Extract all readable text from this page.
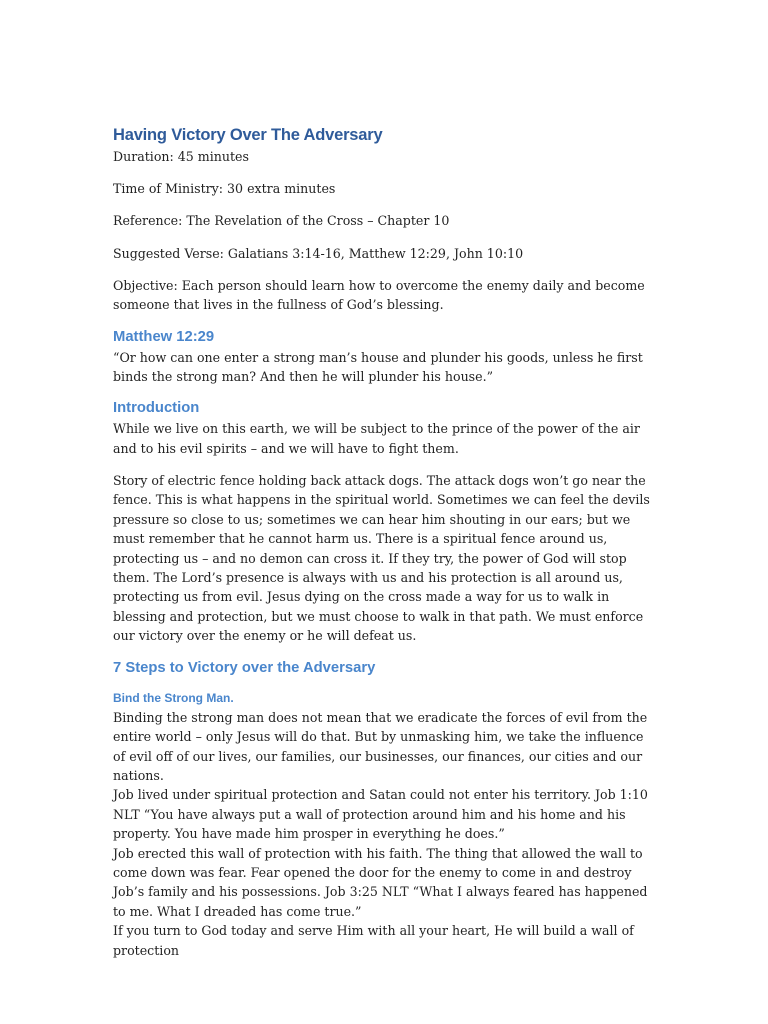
Having Victory Over The Adversary

Duration: 45 minutes

Time of Ministry: 30 extra minutes

Reference: The Revelation of the Cross – Chapter 10

Suggested Verse: Galatians 3:14-16, Matthew 12:29, John 10:10

Objective: Each person should learn how to overcome the enemy daily and become someone that lives in the fullness of God’s blessing.

Matthew 12:29

“Or how can one enter a strong man’s house and plunder his goods, unless he first binds the strong man? And then he will plunder his house.”

Introduction

While we live on this earth, we will be subject to the prince of the power of the air and to his evil spirits – and we will have to fight them.

Story of electric fence holding back attack dogs. The attack dogs won’t go near the fence. This is what happens in the spiritual world. Sometimes we can feel the devils pressure so close to us; sometimes we can hear him shouting in our ears; but we must remember that he cannot harm us. There is a spiritual fence around us, protecting us – and no demon can cross it. If they try, the power of God will stop them. The Lord’s presence is always with us and his protection is all around us, protecting us from evil. Jesus dying on the cross made a way for us to walk in blessing and protection, but we must choose to walk in that path. We must enforce our victory over the enemy or he will defeat us.

7 Steps to Victory over the Adversary
Bind the Strong Man.

Binding the strong man does not mean that we eradicate the forces of evil from the entire world – only Jesus will do that. But by unmasking him, we take the influence of evil off of our lives, our families, our businesses, our finances, our cities and our nations.

Job lived under spiritual protection and Satan could not enter his territory. Job 1:10 NLT “You have always put a wall of protection around him and his home and his property. You have made him prosper in everything he does.”

Job erected this wall of protection with his faith. The thing that allowed the wall to come down was fear. Fear opened the door for the enemy to come in and destroy Job’s family and his possessions. Job 3:25 NLT “What I always feared has happened to me. What I dreaded has come true.”

If you turn to God today and serve Him with all your heart, He will build a wall of protection
